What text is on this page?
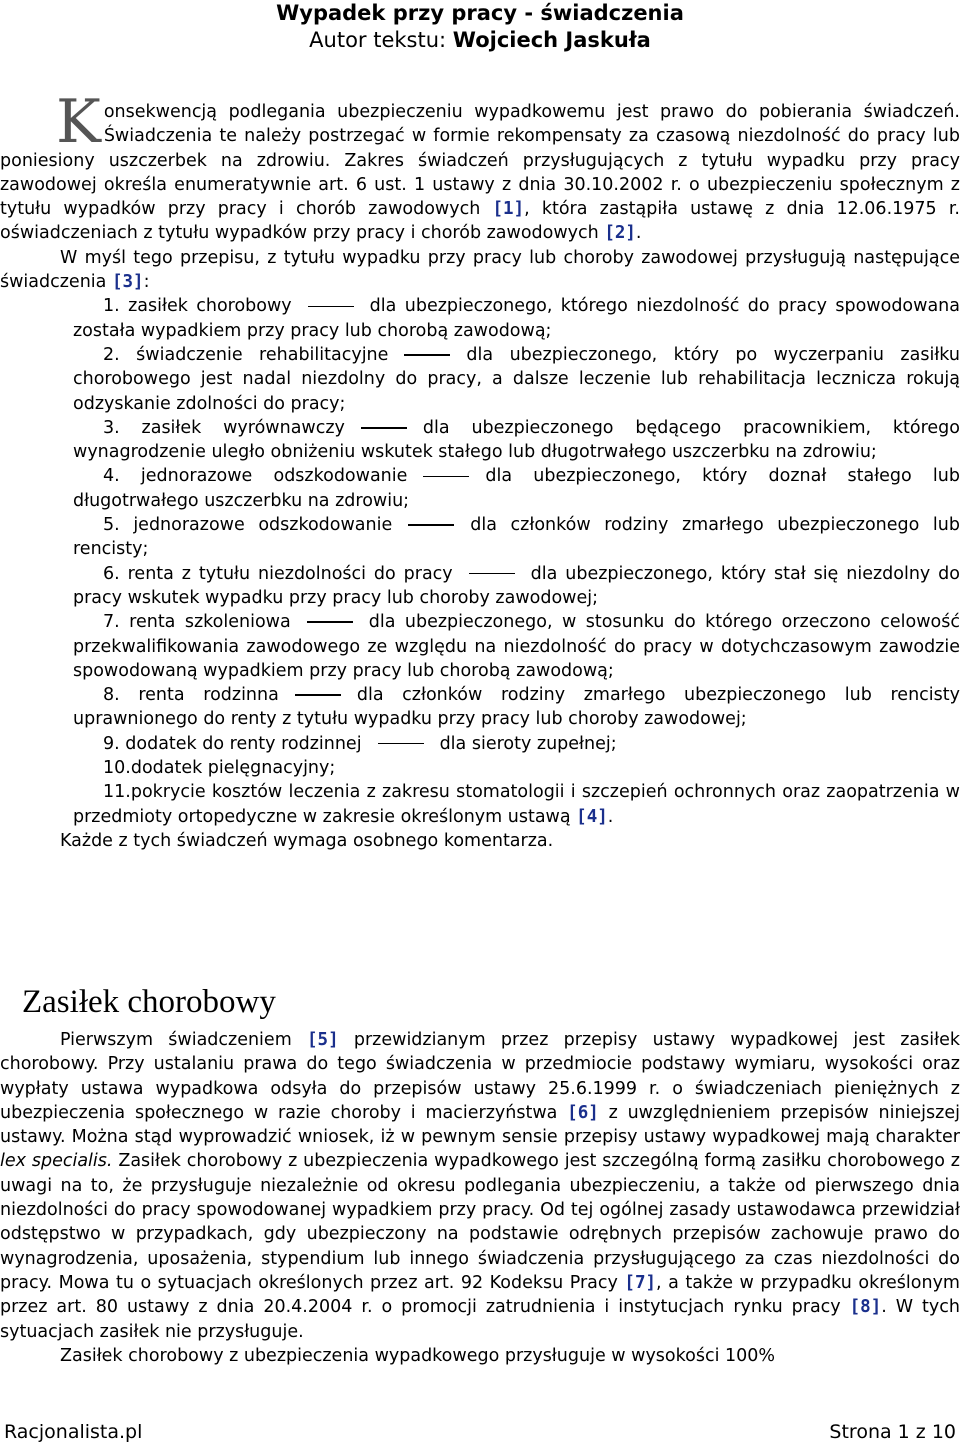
Wypadek przy pracy - świadczenia
Autor tekstu: Wojciech Jaskuła

Konsekwencją podlegania ubezpieczeniu wypadkowemu jest prawo do pobierania świadczeń. Świadczenia te należy postrzegać w formie rekompensaty za czasową niezdolność do pracy lub poniesiony uszczerbek na zdrowiu. Zakres świadczeń przysługujących z tytułu wypadku przy pracy zawodowej określa enumeratywnie art. 6 ust. 1 ustawy z dnia 30.10.2002 r. o ubezpieczeniu społecznym z tytułu wypadków przy pracy i chorób zawodowych [1], która zastąpiła ustawę z dnia 12.06.1975 r. oświadczeniach z tytułu wypadków przy pracy i chorób zawodowych [2].

W myśl tego przepisu, z tytułu wypadku przy pracy lub choroby zawodowej przysługują następujące świadczenia [3]:

1. zasiłek chorobowy	dla ubezpieczonego, którego niezdolność do pracy spowodowana została wypadkiem przy pracy lub chorobą zawodową;

2. świadczenie rehabilitacyjne	dla ubezpieczonego, który po wyczerpaniu zasiłku chorobowego jest nadal niezdolny do pracy, a dalsze leczenie lub rehabilitacja lecznicza rokują odzyskanie zdolności do pracy;

3. zasiłek wyrównawczy	dla ubezpieczonego będącego pracownikiem, którego wynagrodzenie uległo obniżeniu wskutek stałego lub długotrwałego uszczerbku na zdrowiu;

4. jednorazowe odszkodowanie	dla ubezpieczonego, który doznał stałego lub długotrwałego uszczerbku na zdrowiu;

5. jednorazowe odszkodowanie	dla członków rodziny zmarłego ubezpieczonego lub rencisty;

6. renta z tytułu niezdolności do pracy	dla ubezpieczonego, który stał się niezdolny do pracy wskutek wypadku przy pracy lub choroby zawodowej;

7. renta szkoleniowa	dla ubezpieczonego, w stosunku do którego orzeczono celowość przekwalifikowania zawodowego ze względu na niezdolność do pracy w dotychczasowym zawodzie spowodowaną wypadkiem przy pracy lub chorobą zawodową;

8. renta rodzinna	dla członków rodziny zmarłego ubezpieczonego lub rencisty uprawnionego do renty z tytułu wypadku przy pracy lub choroby zawodowej;

9. dodatek do renty rodzinnej	dla sieroty zupełnej;

10.dodatek pielęgnacyjny;

11.pokrycie kosztów leczenia z zakresu stomatologii i szczepień ochronnych oraz zaopatrzenia w przedmioty ortopedyczne w zakresie określonym ustawą [4].

Każde z tych świadczeń wymaga osobnego komentarza.

Zasiłek chorobowy

Pierwszym świadczeniem [5] przewidzianym przez przepisy ustawy wypadkowej jest zasiłek chorobowy. Przy ustalaniu prawa do tego świadczenia w przedmiocie podstawy wymiaru, wysokości oraz wypłaty ustawa wypadkowa odsyła do przepisów ustawy 25.6.1999 r. o świadczeniach pieniężnych z ubezpieczenia społecznego w razie choroby i macierzyństwa [6] z uwzględnieniem przepisów niniejszej ustawy. Można stąd wyprowadzić wniosek, iż w pewnym sensie przepisy ustawy wypadkowej mają charakter lex specialis. Zasiłek chorobowy z ubezpieczenia wypadkowego jest szczególną formą zasiłku chorobowego z uwagi na to, że przysługuje niezależnie od okresu podlegania ubezpieczeniu, a także od pierwszego dnia niezdolności do pracy spowodowanej wypadkiem przy pracy. Od tej ogólnej zasady ustawodawca przewidział odstępstwo w przypadkach, gdy ubezpieczony na podstawie odrębnych przepisów zachowuje prawo do wynagrodzenia, uposażenia, stypendium lub innego świadczenia przysługującego za czas niezdolności do pracy. Mowa tu o sytuacjach określonych przez art. 92 Kodeksu Pracy [7], a także w przypadku określonym przez art. 80 ustawy z dnia 20.4.2004 r. o promocji zatrudnienia i instytucjach rynku pracy [8]. W tych sytuacjach zasiłek nie przysługuje.

Zasiłek chorobowy z ubezpieczenia wypadkowego przysługuje w wysokości 100%

Racjonalista.pl	Strona 1 z 10
